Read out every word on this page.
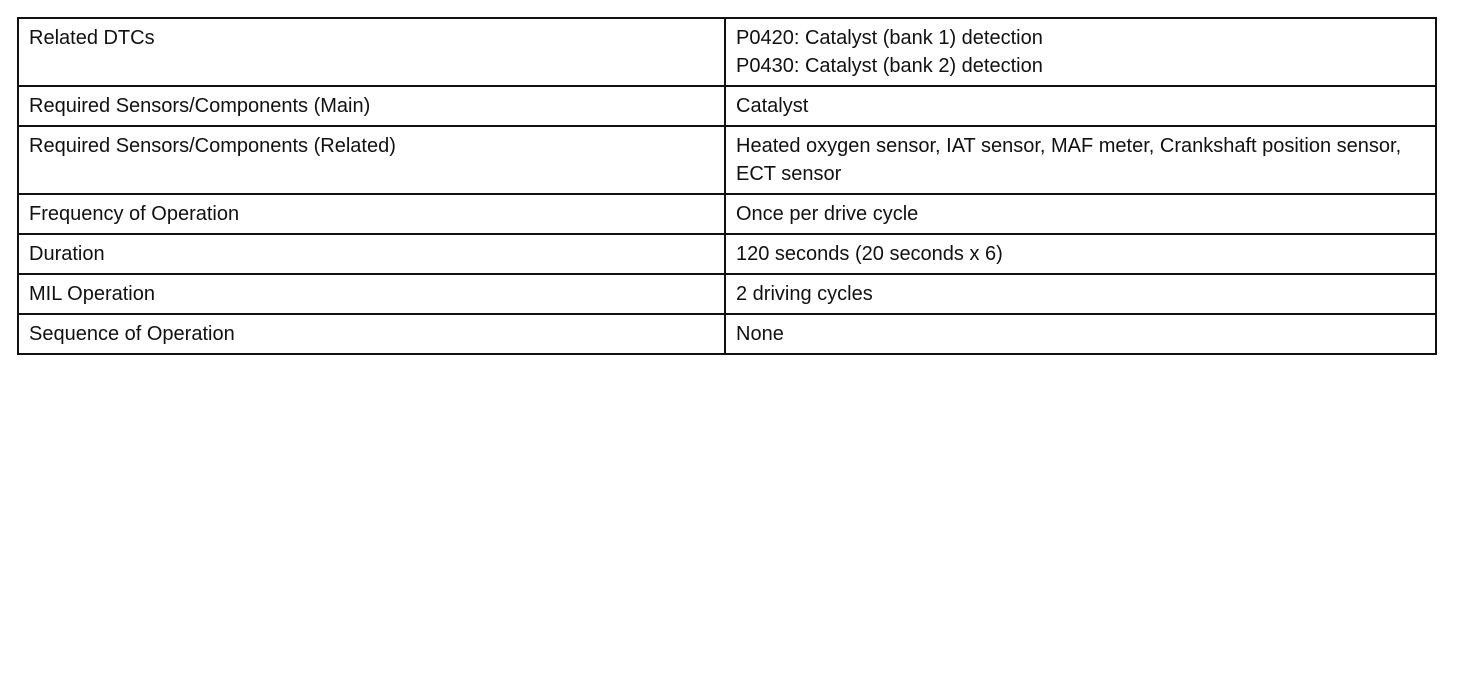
Related DTCs	P0420: Catalyst (bank 1) detection
P0430: Catalyst (bank 2) detection

Required Sensors/Components (Main)	Catalyst

Required Sensors/Components (Related)	Heated oxygen sensor, IAT sensor, MAF meter, Crankshaft position sensor, ECT sensor

Frequency of Operation	Once per drive cycle

Duration	120 seconds (20 seconds x 6)

MIL Operation	2 driving cycles

Sequence of Operation	None
